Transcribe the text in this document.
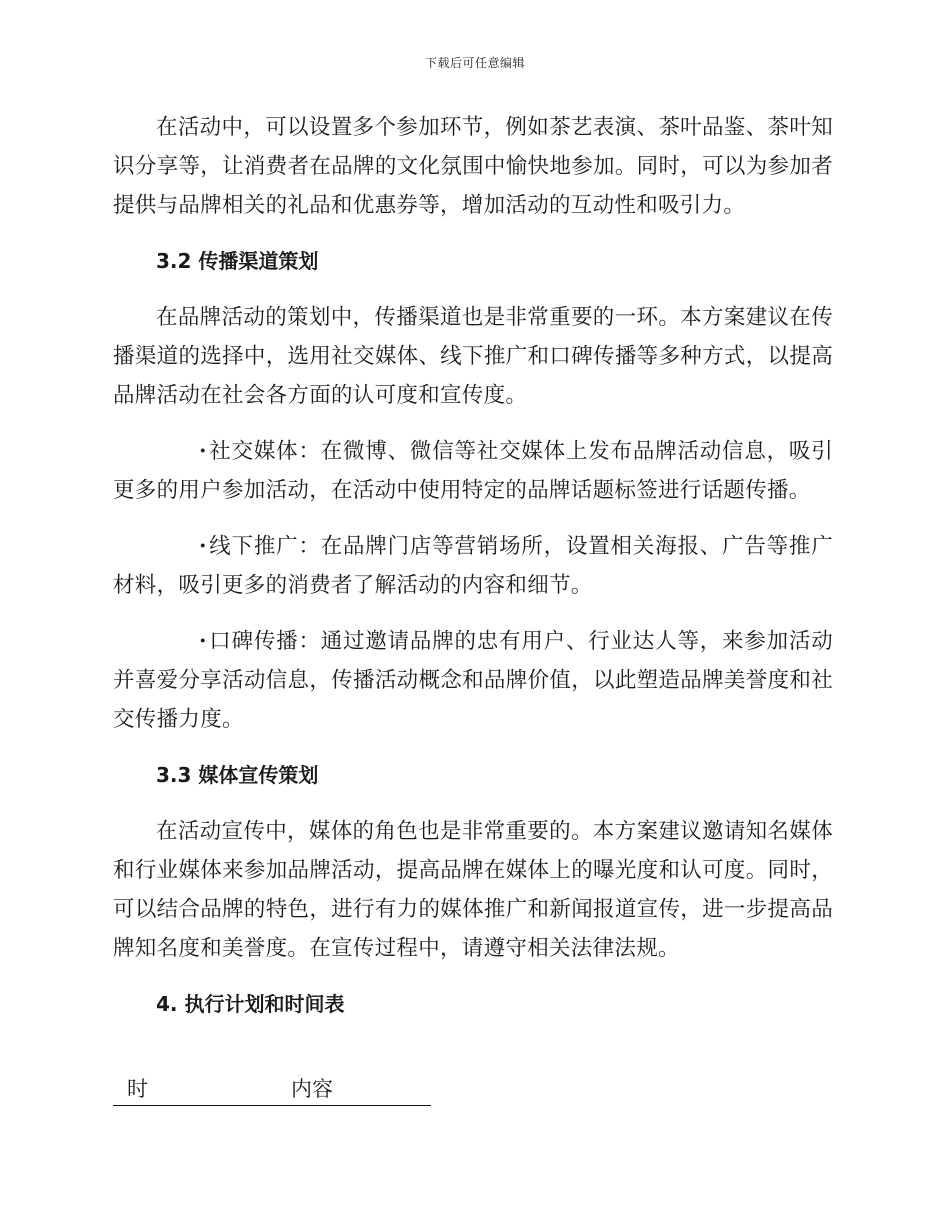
下载后可任意编辑

在活动中，可以设置多个参加环节，例如茶艺表演、茶叶品鉴、茶叶知识分享等，让消费者在品牌的文化氛围中愉快地参加。同时，可以为参加者提供与品牌相关的礼品和优惠券等，增加活动的互动性和吸引力。

3.2 传播渠道策划

在品牌活动的策划中，传播渠道也是非常重要的一环。本方案建议在传播渠道的选择中，选用社交媒体、线下推广和口碑传播等多种方式，以提高品牌活动在社会各方面的认可度和宣传度。

·社交媒体：在微博、微信等社交媒体上发布品牌活动信息，吸引更多的用户参加活动，在活动中使用特定的品牌话题标签进行话题传播。

·线下推广：在品牌门店等营销场所，设置相关海报、广告等推广材料，吸引更多的消费者了解活动的内容和细节。

·口碑传播：通过邀请品牌的忠有用户、行业达人等，来参加活动并喜爱分享活动信息，传播活动概念和品牌价值，以此塑造品牌美誉度和社交传播力度。

3.3 媒体宣传策划

在活动宣传中，媒体的角色也是非常重要的。本方案建议邀请知名媒体和行业媒体来参加品牌活动，提高品牌在媒体上的曝光度和认可度。同时，可以结合品牌的特色，进行有力的媒体推广和新闻报道宣传，进一步提高品牌知名度和美誉度。在宣传过程中，请遵守相关法律法规。

4. 执行计划和时间表
时	内容
